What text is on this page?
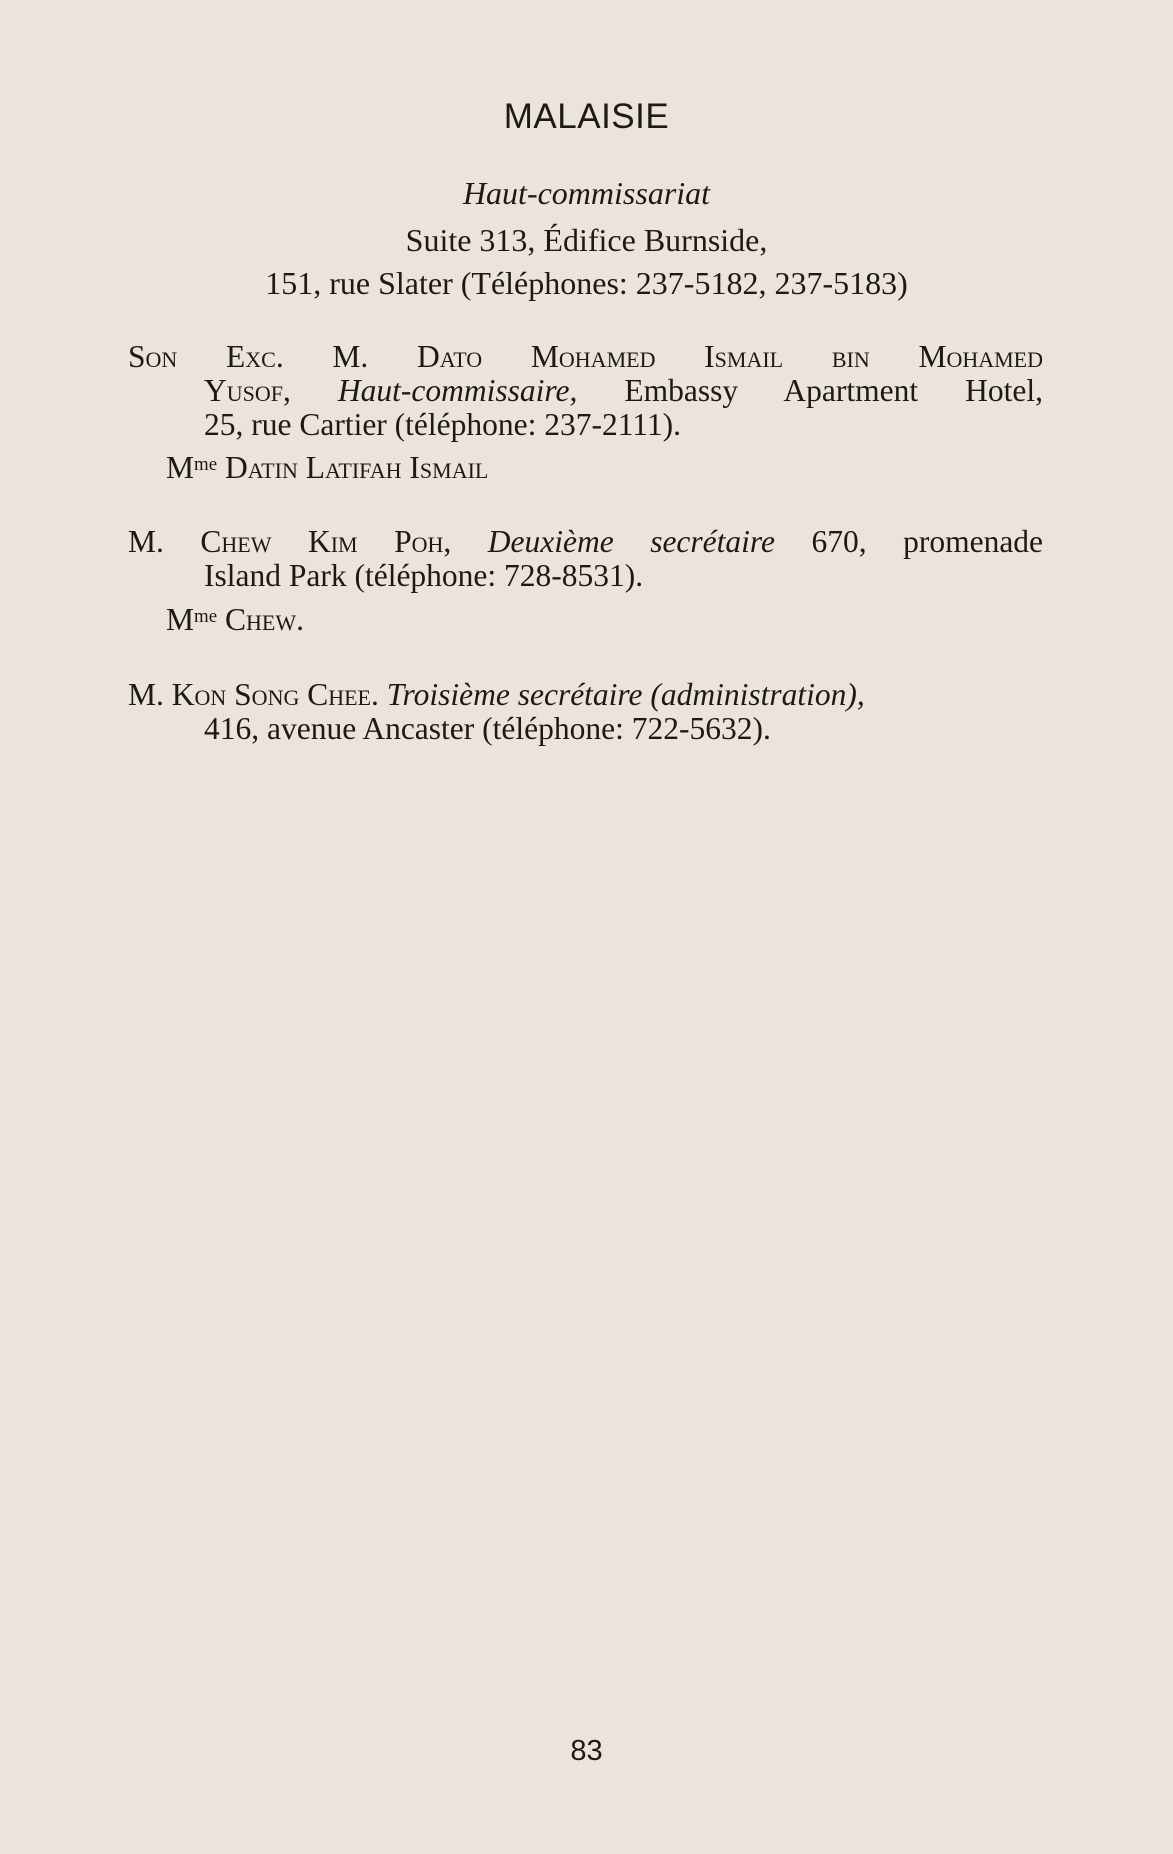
MALAISIE
Haut-commissariat
Suite 313, Édifice Burnside,
151, rue Slater (Téléphones: 237-5182, 237-5183)
Son Exc. M. Dato Mohamed Ismail bin Mohamed
Yusof, Haut-commissaire, Embassy Apartment Hotel,
25, rue Cartier (téléphone: 237-2111).
$M^{me}$ Datin Latifah Ismail
M. Chew Kim Poh, Deuxième secrétaire 670, promenade
Island Park (téléphone: 728-8531).
$M^{me}$ Chew.
M. Kon Song Chee. Troisième secrétaire (administration),
416, avenue Ancaster (téléphone: 722-5632).
83
